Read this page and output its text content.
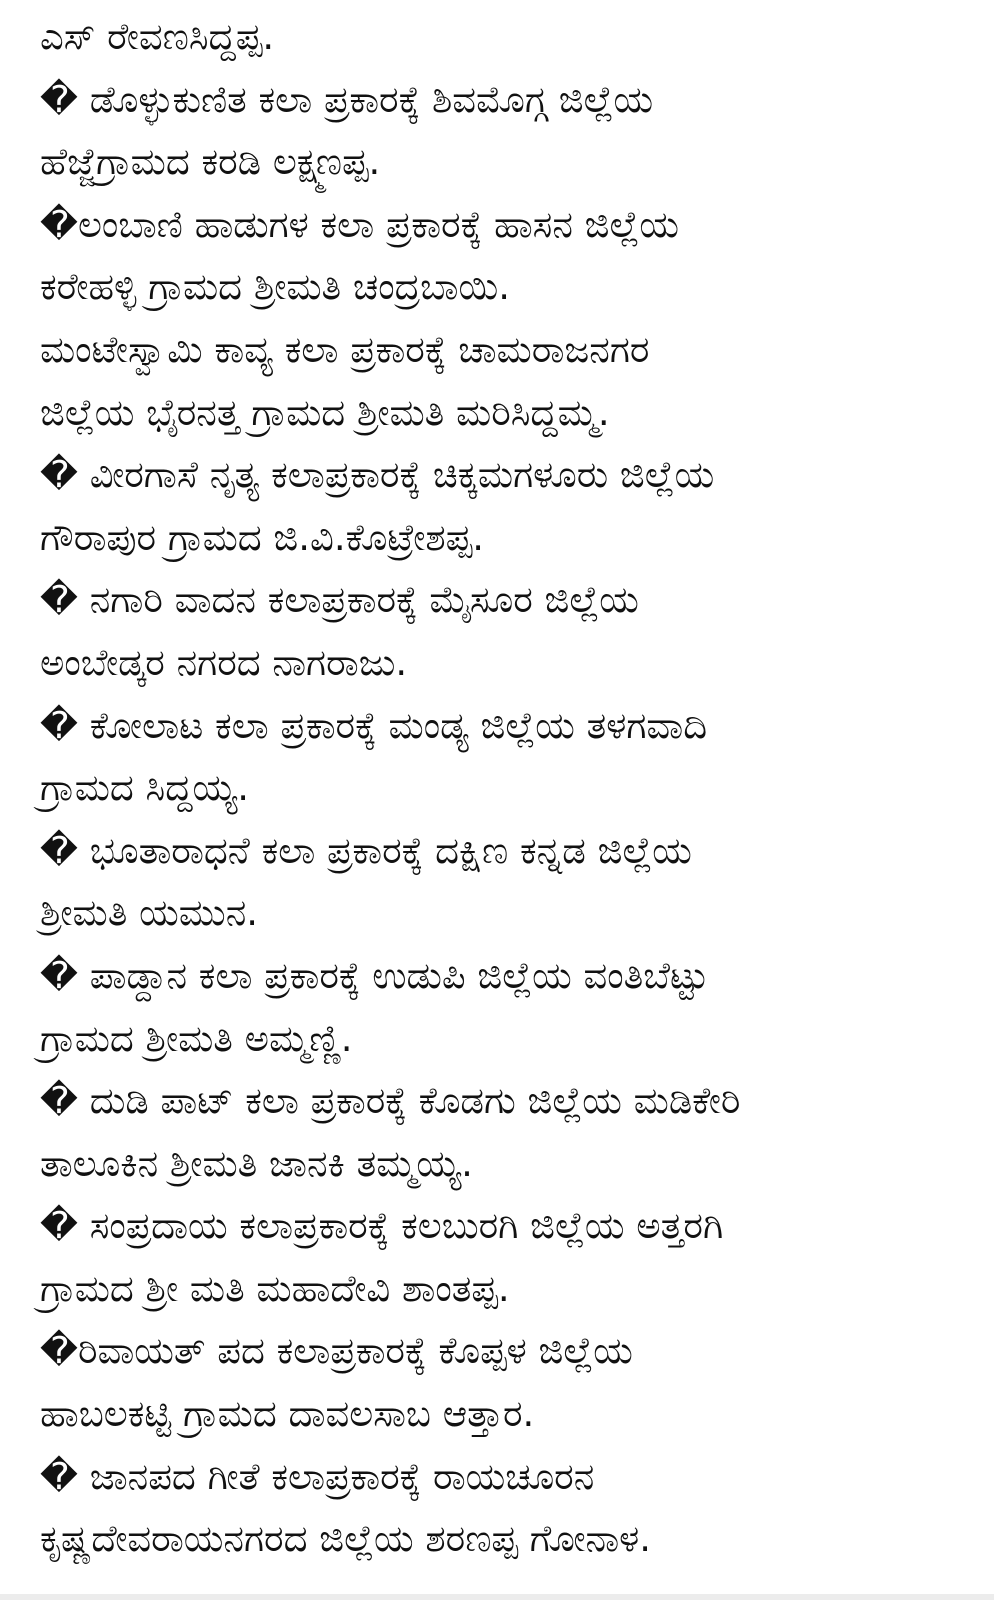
ಎಸ್ ರೇವಣಸಿದ್ದಪ್ಪ.
� ಡೊಳ್ಳುಕುಣಿತ ಕಲಾ ಪ್ರಕಾರಕ್ಕೆ ಶಿವಮೊಗ್ಗ ಜಿಲ್ಲೆಯ
ಹೆಜ್ಜೆಗ್ರಾಮದ ಕರಡಿ ಲಕ್ಷ್ಮಣಪ್ಪ.
�ಲಂಬಾಣಿ ಹಾಡುಗಳ ಕಲಾ ಪ್ರಕಾರಕ್ಕೆ ಹಾಸನ ಜಿಲ್ಲೆಯ
ಕರೇಹಳ್ಳಿ ಗ್ರಾಮದ ಶ್ರೀಮತಿ ಚಂದ್ರಬಾಯಿ.
ಮಂಟೇಸ್ವಾಮಿ ಕಾವ್ಯ ಕಲಾ ಪ್ರಕಾರಕ್ಕೆ ಚಾಮರಾಜನಗರ
ಜಿಲ್ಲೆಯ ಭೈರನತ್ತ ಗ್ರಾಮದ ಶ್ರೀಮತಿ ಮರಿಸಿದ್ದಮ್ಮ.
� ವೀರಗಾಸೆ ನೃತ್ಯ ಕಲಾಪ್ರಕಾರಕ್ಕೆ ಚಿಕ್ಕಮಗಳೂರು ಜಿಲ್ಲೆಯ
ಗೌರಾಪುರ ಗ್ರಾಮದ ಜಿ.ವಿ.ಕೊಟ್ರೇಶಪ್ಪ.
� ನಗಾರಿ ವಾದನ ಕಲಾಪ್ರಕಾರಕ್ಕೆ ಮೈಸೂರ ಜಿಲ್ಲೆಯ
ಅಂಬೇಡ್ಕರ ನಗರದ ನಾಗರಾಜು.
� ಕೋಲಾಟ ಕಲಾ ಪ್ರಕಾರಕ್ಕೆ ಮಂಡ್ಯ ಜಿಲ್ಲೆಯ ತಳಗವಾದಿ
ಗ್ರಾಮದ ಸಿದ್ದಯ್ಯ.
� ಭೂತಾರಾಧನೆ ಕಲಾ ಪ್ರಕಾರಕ್ಕೆ ದಕ್ಷಿಣ ಕನ್ನಡ ಜಿಲ್ಲೆಯ
ಶ್ರೀಮತಿ ಯಮುನ.
� ಪಾಡ್ದಾನ ಕಲಾ ಪ್ರಕಾರಕ್ಕೆ ಉಡುಪಿ ಜಿಲ್ಲೆಯ ವಂತಿಬೆಟ್ಟು
ಗ್ರಾಮದ ಶ್ರೀಮತಿ ಅಮ್ಮಣ್ಣಿ.
� ದುಡಿ ಪಾಟ್ ಕಲಾ ಪ್ರಕಾರಕ್ಕೆ ಕೊಡಗು ಜಿಲ್ಲೆಯ ಮಡಿಕೇರಿ
ತಾಲೂಕಿನ ಶ್ರೀಮತಿ ಜಾನಕಿ ತಮ್ಮಯ್ಯ.
� ಸಂಪ್ರದಾಯ ಕಲಾಪ್ರಕಾರಕ್ಕೆ ಕಲಬುರಗಿ ಜಿಲ್ಲೆಯ ಅತ್ತರಗಿ
ಗ್ರಾಮದ ಶ್ರೀ ಮತಿ ಮಹಾದೇವಿ ಶಾಂತಪ್ಪ.
�ರಿವಾಯತ್ ಪದ ಕಲಾಪ್ರಕಾರಕ್ಕೆ ಕೊಪ್ಪಳ ಜಿಲ್ಲೆಯ
ಹಾಬಲಕಟ್ಟಿ ಗ್ರಾಮದ ದಾವಲಸಾಬ ಆತ್ತಾರ.
� ಜಾನಪದ ಗೀತೆ ಕಲಾಪ್ರಕಾರಕ್ಕೆ ರಾಯಚೂರನ
ಕೃಷ್ಣದೇವರಾಯನಗರದ ಜಿಲ್ಲೆಯ ಶರಣಪ್ಪ ಗೋನಾಳ.
